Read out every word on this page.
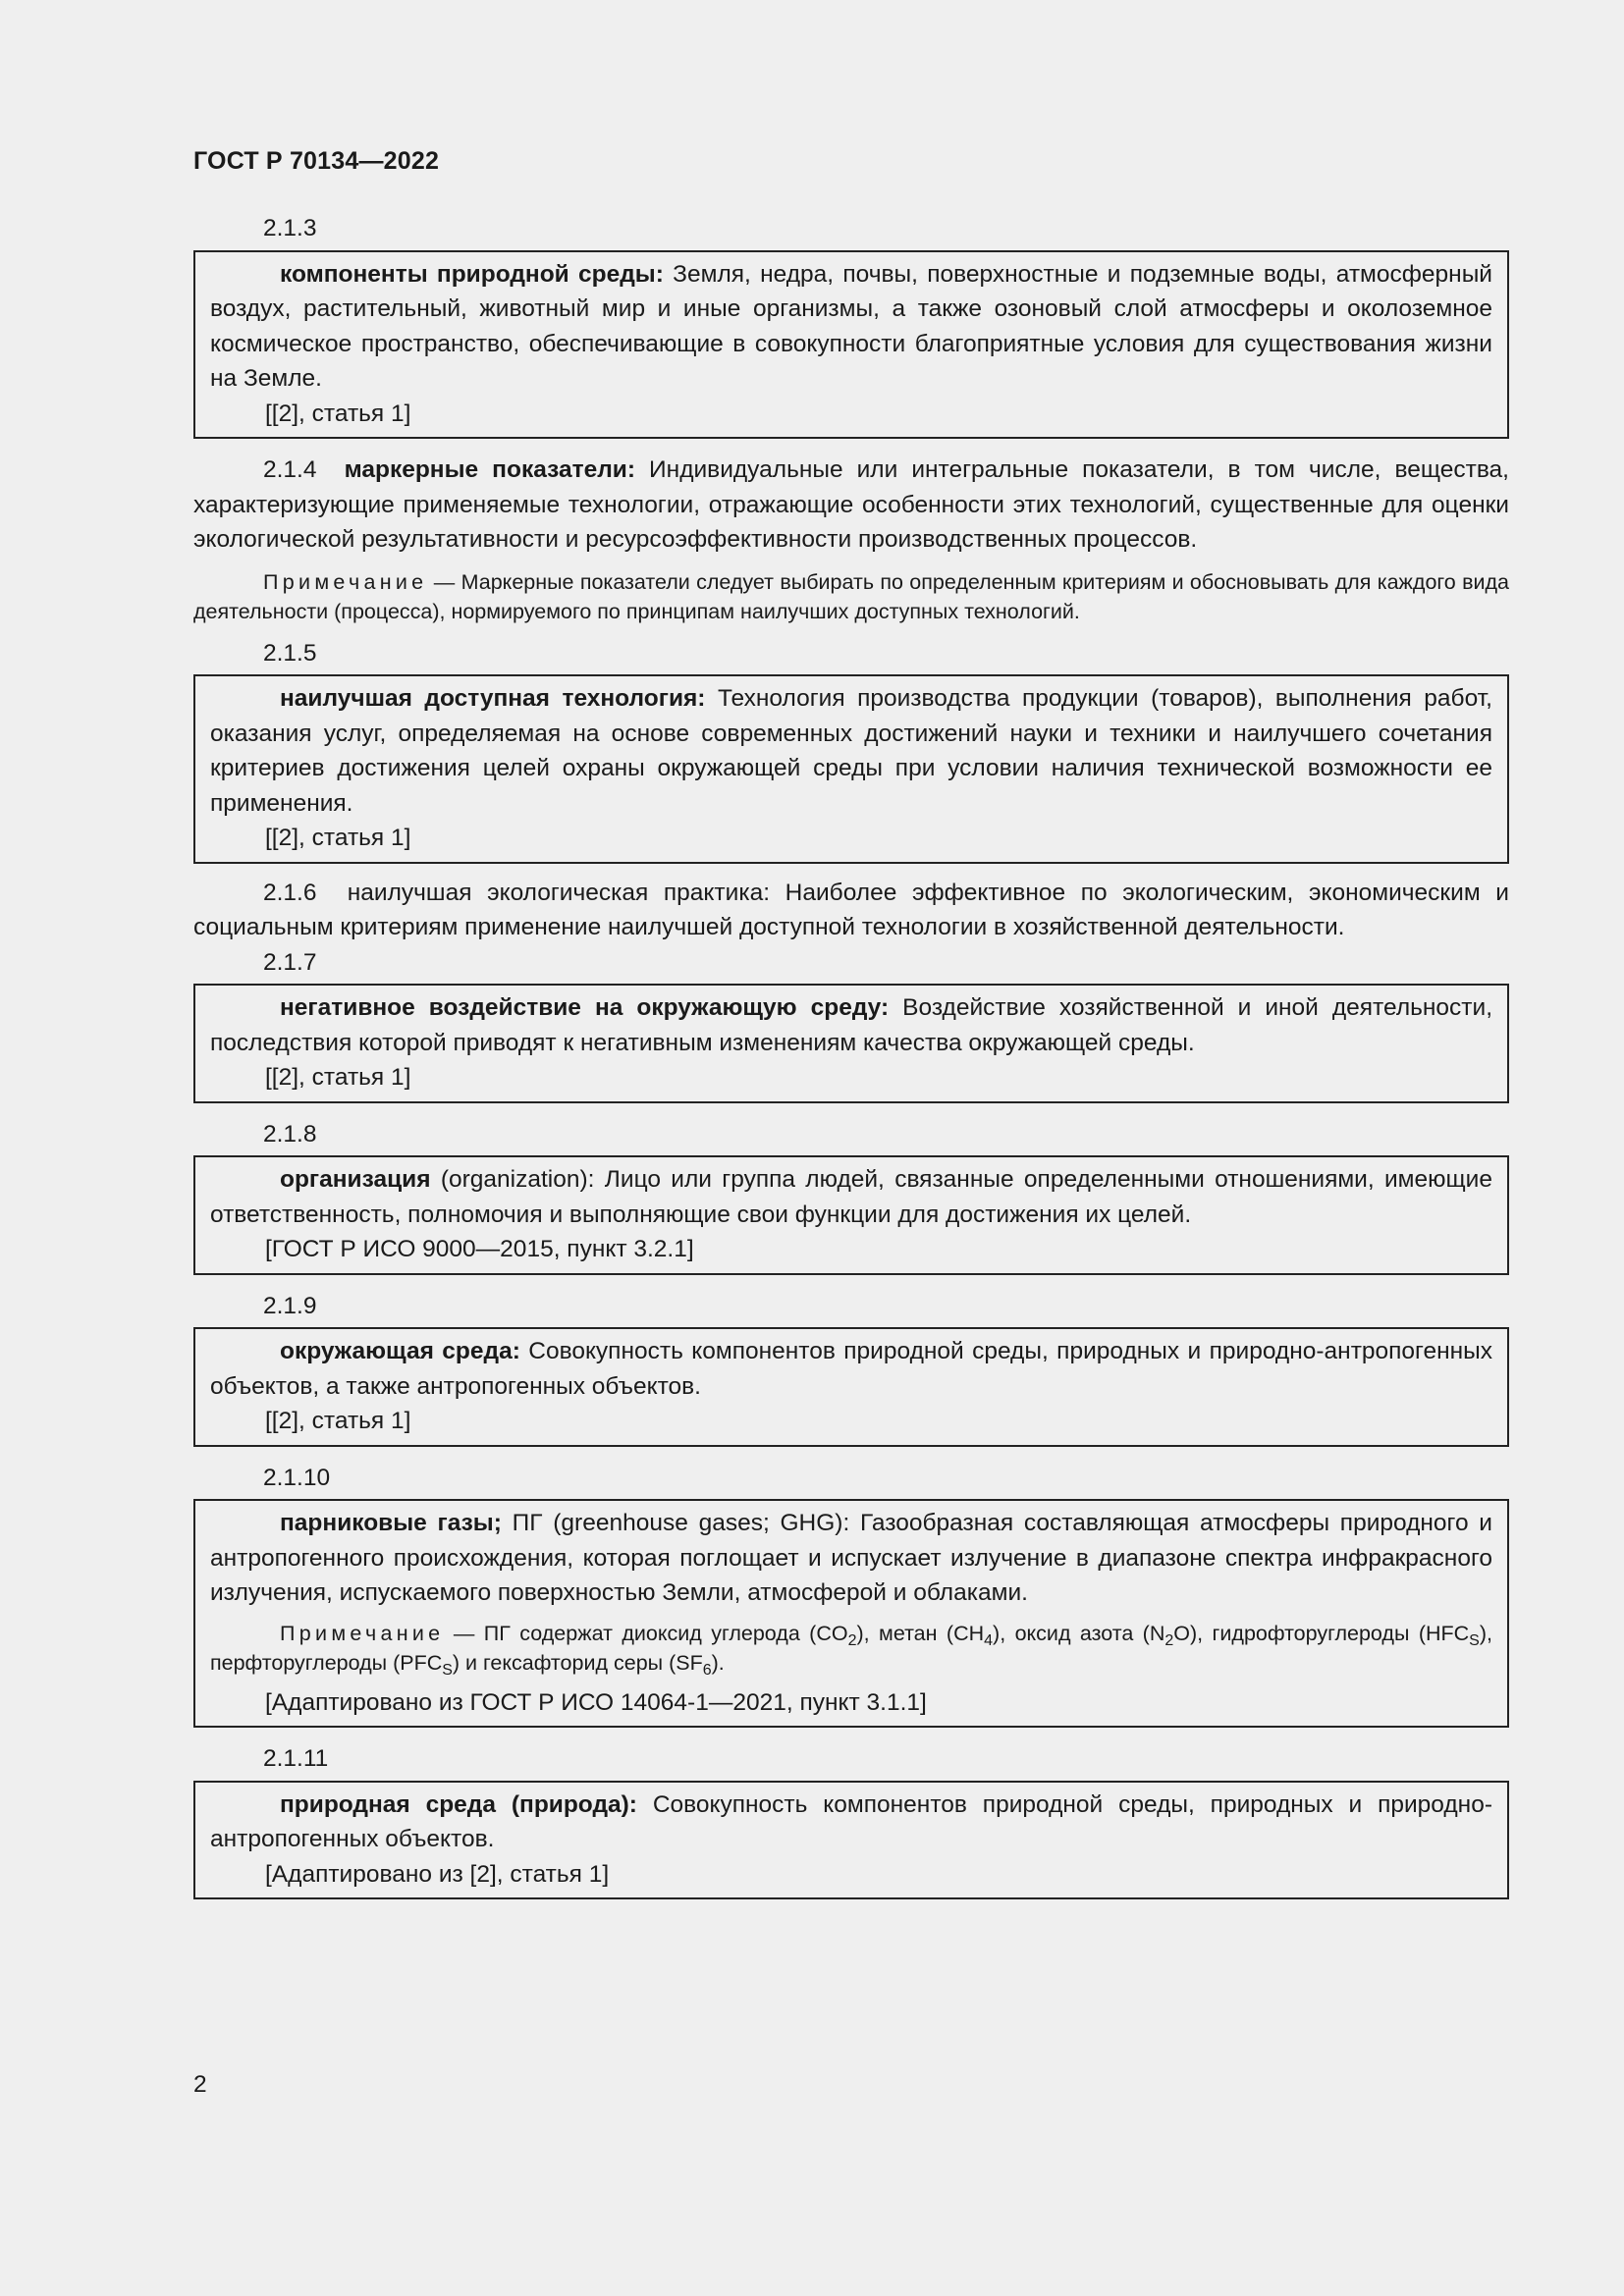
ГОСТ Р 70134—2022

2.1.3

компоненты природной среды: Земля, недра, почвы, поверхностные и подземные воды, атмосферный воздух, растительный, животный мир и иные организмы, а также озоновый слой атмосферы и околоземное космическое пространство, обеспечивающие в совокупности благоприятные условия для существования жизни на Земле.

[[2], статья 1]

2.1.4 маркерные показатели: Индивидуальные или интегральные показатели, в том числе, вещества, характеризующие применяемые технологии, отражающие особенности этих технологий, существенные для оценки экологической результативности и ресурсоэффективности производственных процессов.

Примечание — Маркерные показатели следует выбирать по определенным критериям и обосновывать для каждого вида деятельности (процесса), нормируемого по принципам наилучших доступных технологий.

2.1.5

наилучшая доступная технология: Технология производства продукции (товаров), выполнения работ, оказания услуг, определяемая на основе современных достижений науки и техники и наилучшего сочетания критериев достижения целей охраны окружающей среды при условии наличия технической возможности ее применения.

[[2], статья 1]

2.1.6 наилучшая экологическая практика: Наиболее эффективное по экологическим, экономическим и социальным критериям применение наилучшей доступной технологии в хозяйственной деятельности.

2.1.7

негативное воздействие на окружающую среду: Воздействие хозяйственной и иной деятельности, последствия которой приводят к негативным изменениям качества окружающей среды.

[[2], статья 1]

2.1.8

организация (organization): Лицо или группа людей, связанные определенными отношениями, имеющие ответственность, полномочия и выполняющие свои функции для достижения их целей.

[ГОСТ Р ИСО 9000—2015, пункт 3.2.1]

2.1.9

окружающая среда: Совокупность компонентов природной среды, природных и природно-антропогенных объектов, а также антропогенных объектов.

[[2], статья 1]

2.1.10

парниковые газы; ПГ (greenhouse gases; GHG): Газообразная составляющая атмосферы природного и антропогенного происхождения, которая поглощает и испускает излучение в диапазоне спектра инфракрасного излучения, испускаемого поверхностью Земли, атмосферой и облаками.

Примечание — ПГ содержат диоксид углерода $(CO_2)$, метан $(CH_4)$, оксид азота $(N_2O)$, гидрофторуглероды $(HFC_S)$, перфторуглероды $(PFC_S)$ и гексафторид серы $(SF_6)$.

[Адаптировано из ГОСТ Р ИСО 14064-1—2021, пункт 3.1.1]

2.1.11

природная среда (природа): Совокупность компонентов природной среды, природных и природно-антропогенных объектов.

[Адаптировано из [2], статья 1]

2
